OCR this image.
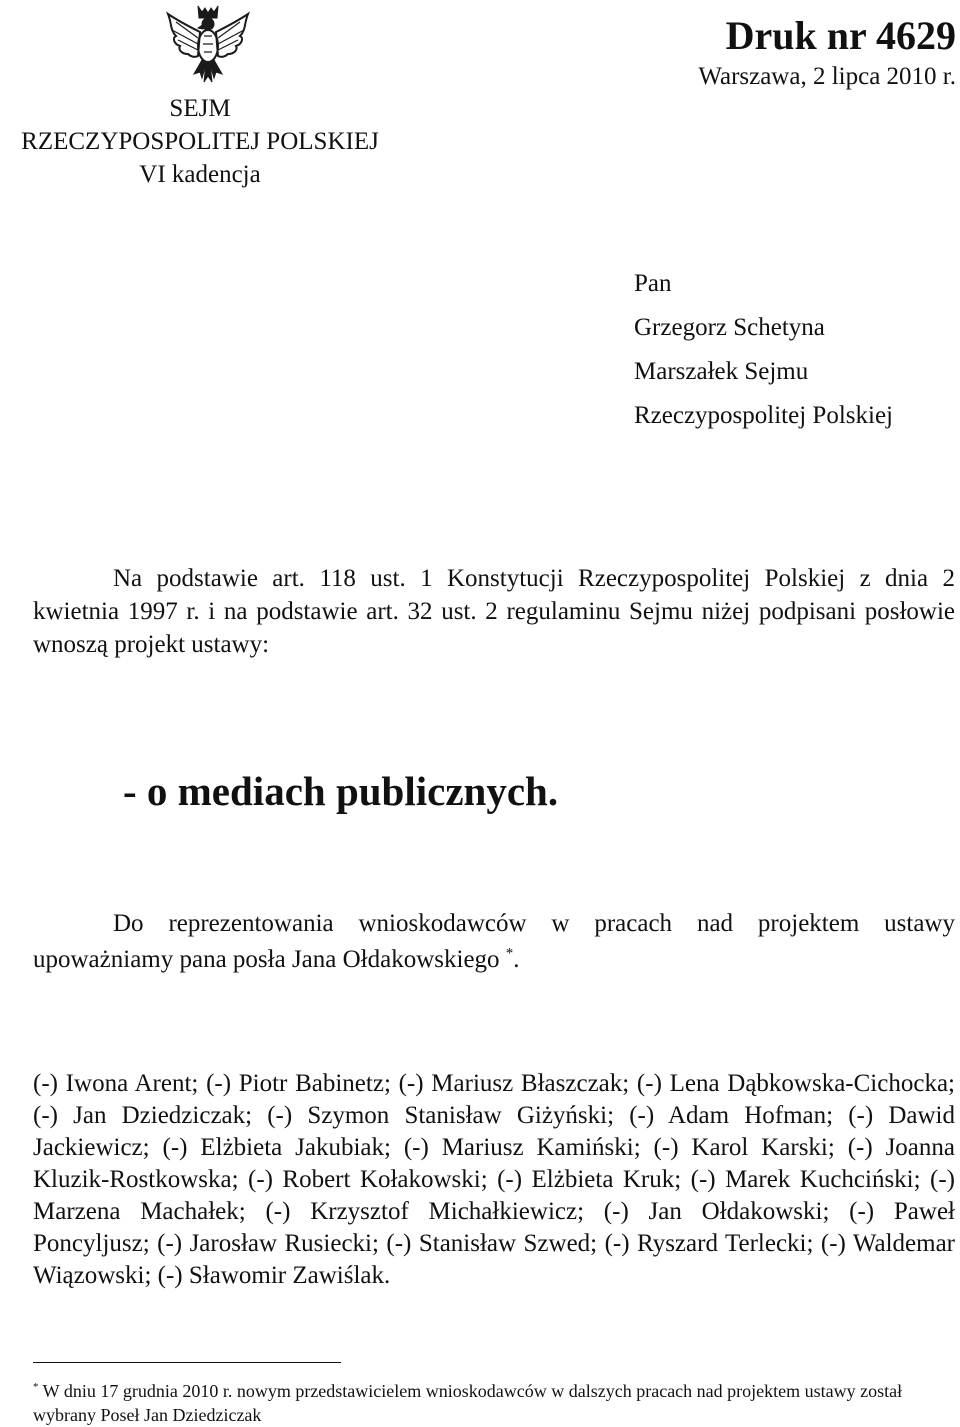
SEJM
RZECZYPOSPOLITEJ POLSKIEJ
VI kadencja
Druk nr 4629
Warszawa, 2 lipca 2010 r.
Pan
Grzegorz Schetyna
Marszałek Sejmu
Rzeczypospolitej Polskiej

Na podstawie art. 118 ust. 1 Konstytucji Rzeczypospolitej Polskiej z dnia 2 kwietnia 1997 r. i na podstawie art. 32 ust. 2 regulaminu Sejmu niżej podpisani posłowie wnoszą projekt ustawy:

- o mediach publicznych.

Do reprezentowania wnioskodawców w pracach nad projektem ustawy upoważniamy pana posła Jana Ołdakowskiego *.

(-) Iwona Arent; (-) Piotr Babinetz; (-) Mariusz Błaszczak; (-) Lena Dąbkowska-Cichocka; (-) Jan Dziedziczak; (-) Szymon Stanisław Giżyński; (-) Adam Hofman; (-) Dawid Jackiewicz; (-) Elżbieta Jakubiak; (-) Mariusz Kamiński; (-) Karol Karski; (-) Joanna Kluzik-Rostkowska; (-) Robert Kołakowski; (-) Elżbieta Kruk; (-) Marek Kuchciński; (-) Marzena Machałek; (-) Krzysztof Michałkiewicz; (-) Jan Ołdakowski; (-) Paweł Poncyljusz; (-) Jarosław Rusiecki; (-) Stanisław Szwed; (-) Ryszard Terlecki; (-) Waldemar Wiązowski; (-) Sławomir Zawiślak.

* W dniu 17 grudnia 2010 r. nowym przedstawicielem wnioskodawców w dalszych pracach nad projektem ustawy został wybrany Poseł Jan Dziedziczak
